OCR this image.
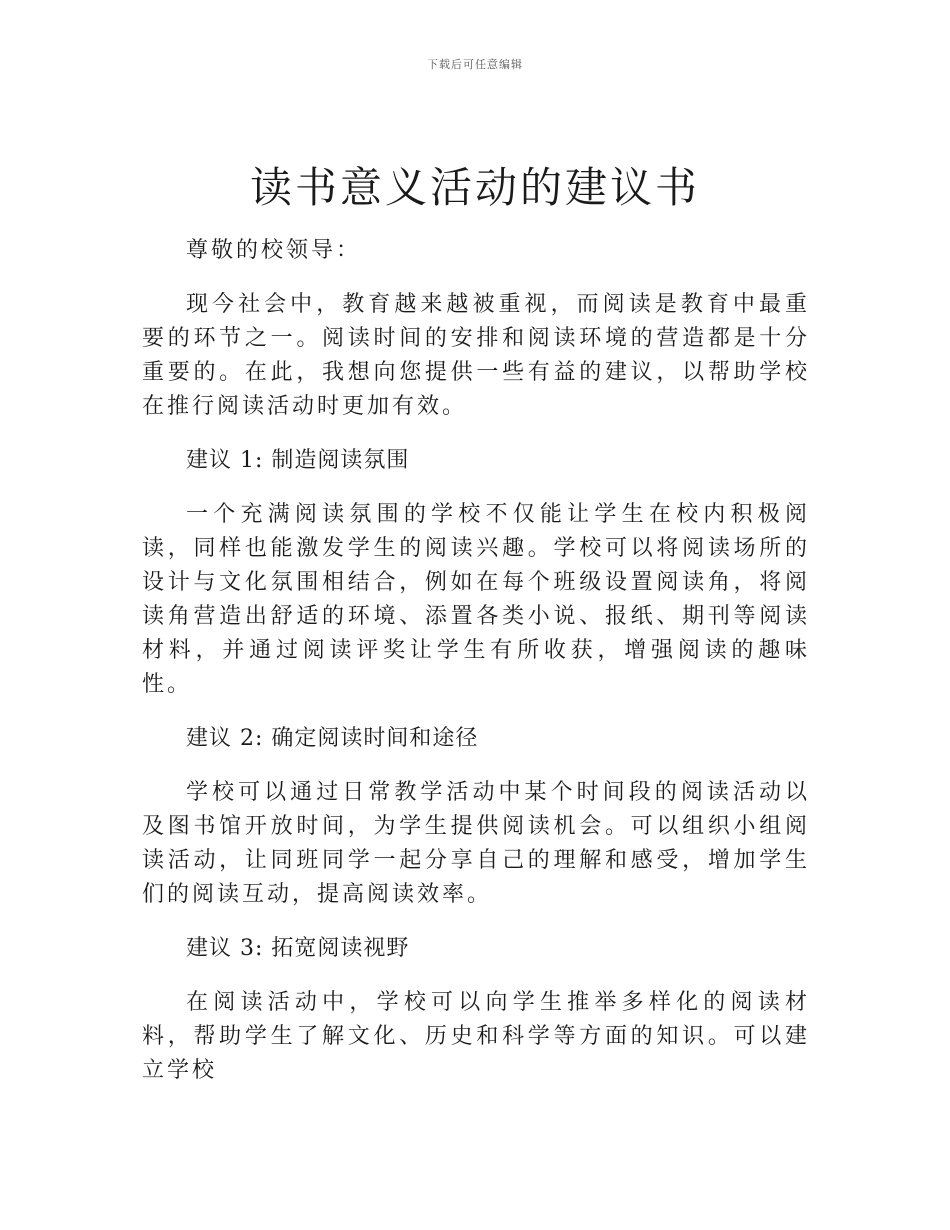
下载后可任意编辑
读书意义活动的建议书

尊敬的校领导：

现今社会中，教育越来越被重视，而阅读是教育中最重要的环节之一。阅读时间的安排和阅读环境的营造都是十分重要的。在此，我想向您提供一些有益的建议，以帮助学校在推行阅读活动时更加有效。

建议 1: 制造阅读氛围

一个充满阅读氛围的学校不仅能让学生在校内积极阅读，同样也能激发学生的阅读兴趣。学校可以将阅读场所的设计与文化氛围相结合，例如在每个班级设置阅读角，将阅读角营造出舒适的环境、添置各类小说、报纸、期刊等阅读材料，并通过阅读评奖让学生有所收获，增强阅读的趣味性。

建议 2: 确定阅读时间和途径

学校可以通过日常教学活动中某个时间段的阅读活动以及图书馆开放时间，为学生提供阅读机会。可以组织小组阅读活动，让同班同学一起分享自己的理解和感受，增加学生们的阅读互动，提高阅读效率。

建议 3: 拓宽阅读视野

在阅读活动中，学校可以向学生推举多样化的阅读材料，帮助学生了解文化、历史和科学等方面的知识。可以建立学校
